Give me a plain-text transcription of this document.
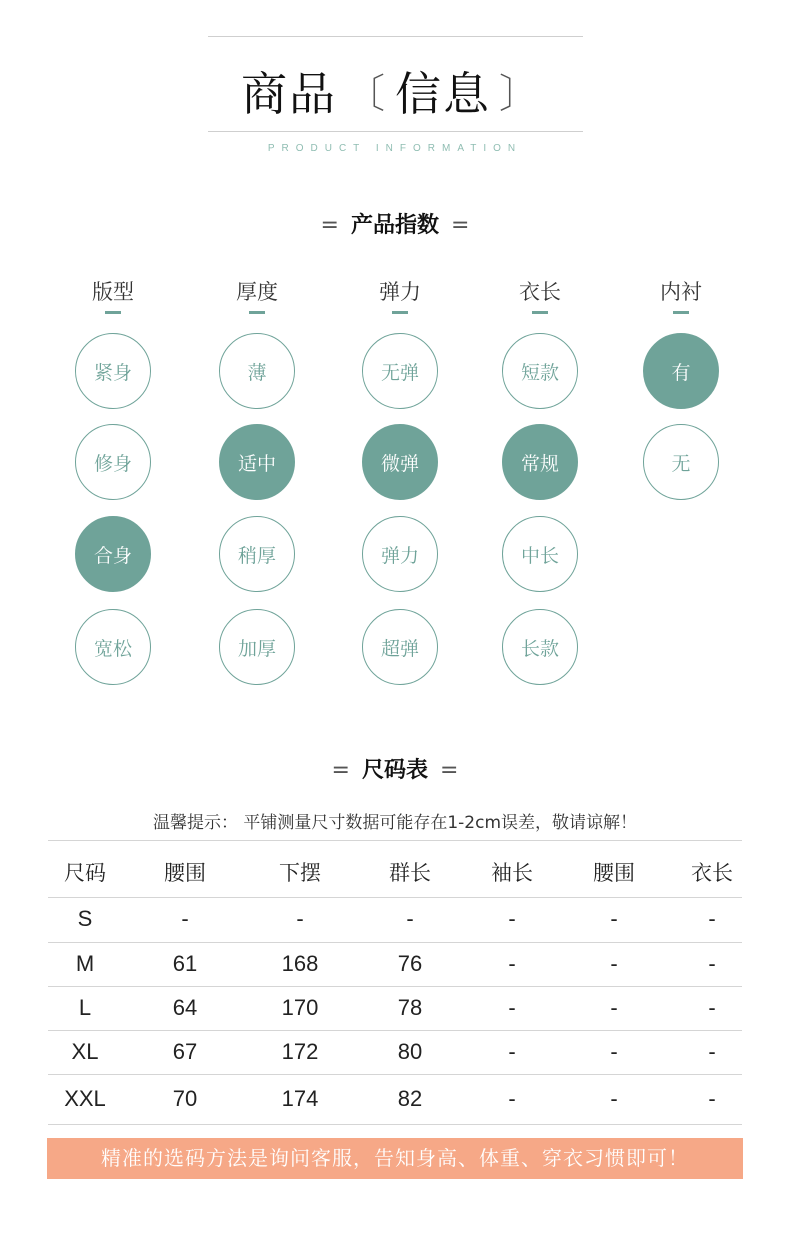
商品 〔 信息 〕
PRODUCT INFORMATION
= 产品指数 =
版型
紧身
修身
合身
宽松
厚度
薄
适中
稍厚
加厚
弹力
无弹
微弹
弹力
超弹
衣长
短款
常规
中长
长款
内衬
有
无
= 尺码表 =
温馨提示： 平铺测量尺寸数据可能存在1-2cm误差，敬请谅解！
尺码	腰围	下摆	群长	袖长	腰围	衣长
S	-	-	-	-	-	-
M	61	168	76	-	-	-
L	64	170	78	-	-	-
XL	67	172	80	-	-	-
XXL	70	174	82	-	-	-
精准的选码方法是询问客服，告知身高、体重、穿衣习惯即可！
